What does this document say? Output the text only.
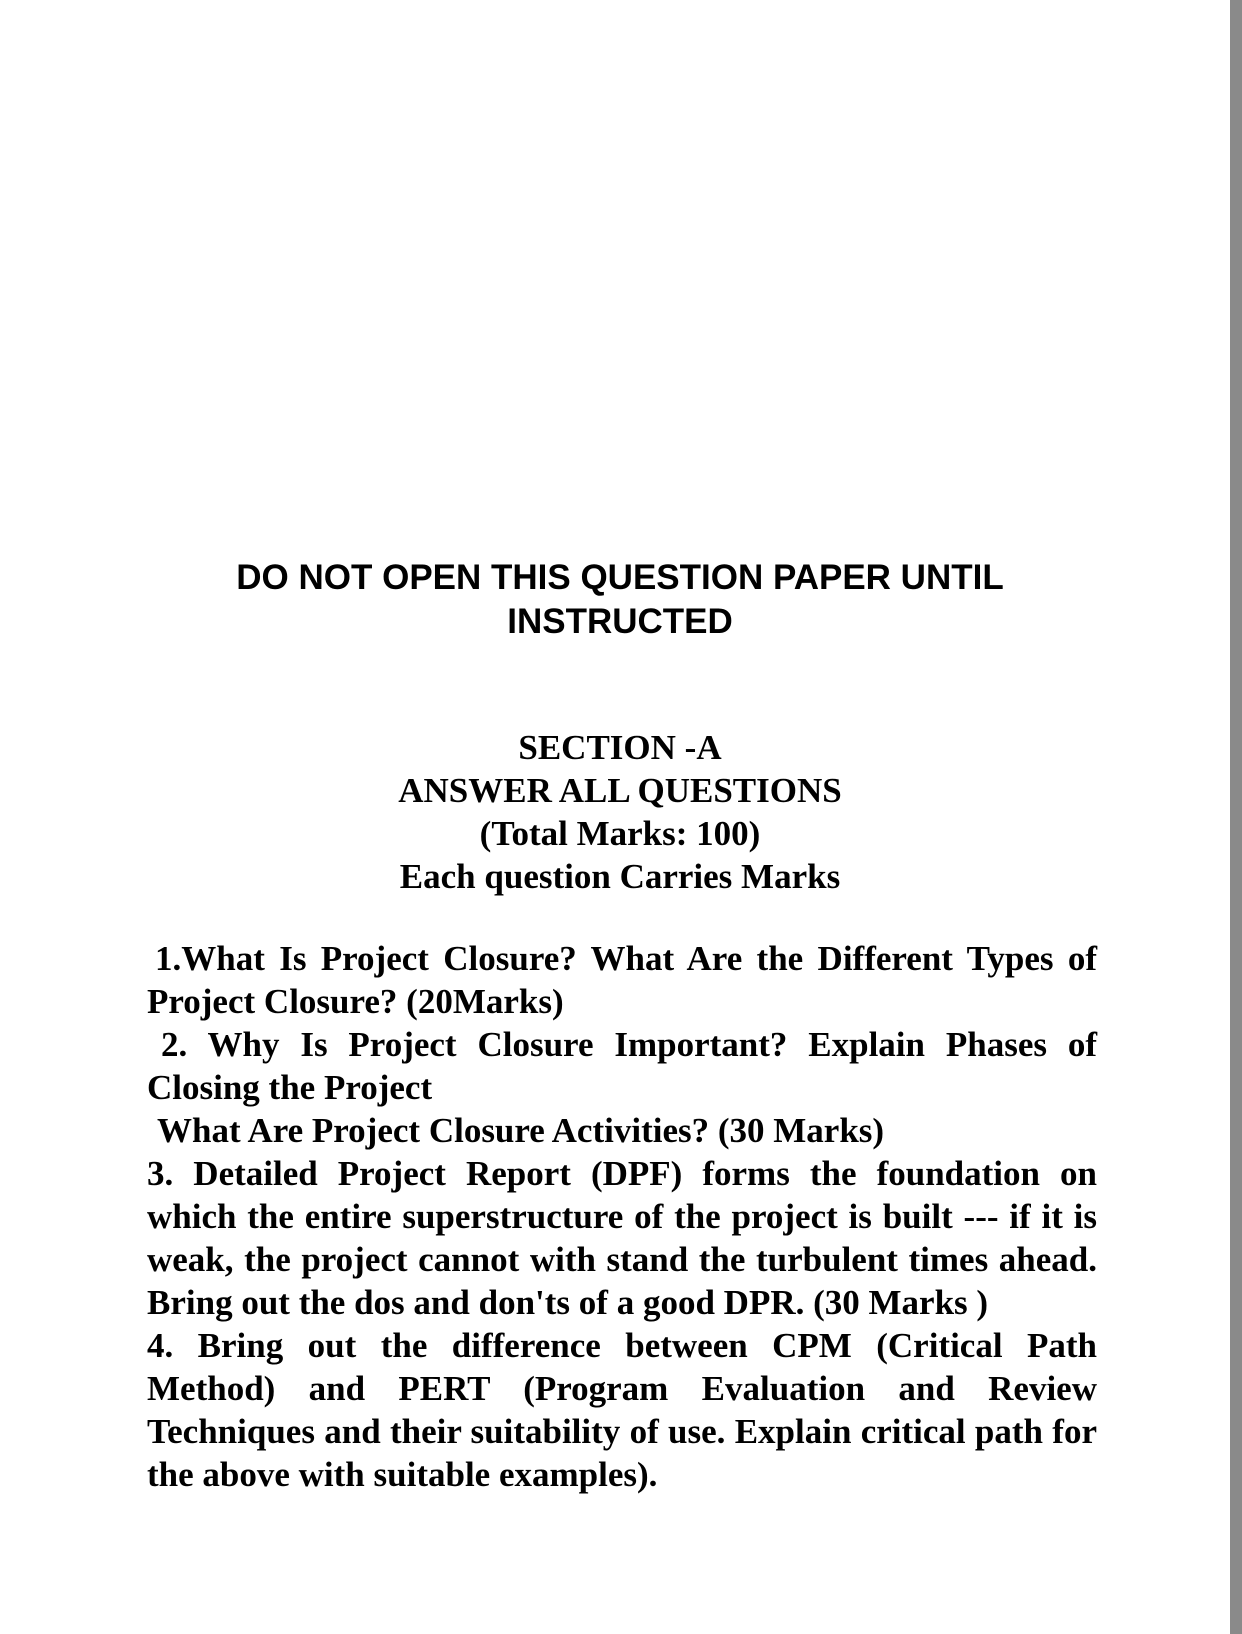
DO NOT OPEN THIS QUESTION PAPER UNTIL
INSTRUCTED
SECTION -A
ANSWER ALL QUESTIONS
(Total Marks: 100)
Each question Carries Marks

1.What Is Project Closure? What Are the Different Types of Project Closure? (20Marks)

2. Why Is Project Closure Important? Explain Phases of Closing the Project

What Are Project Closure Activities? (30 Marks)

3. Detailed Project Report (DPF) forms the foundation on which the entire superstructure of the project is built --- if it is weak, the project cannot with stand the turbulent times ahead. Bring out the dos and don'ts of a good DPR. (30 Marks )

4. Bring out the difference between CPM (Critical Path Method) and PERT (Program Evaluation and Review Techniques and their suitability of use. Explain critical path for the above with suitable examples).
